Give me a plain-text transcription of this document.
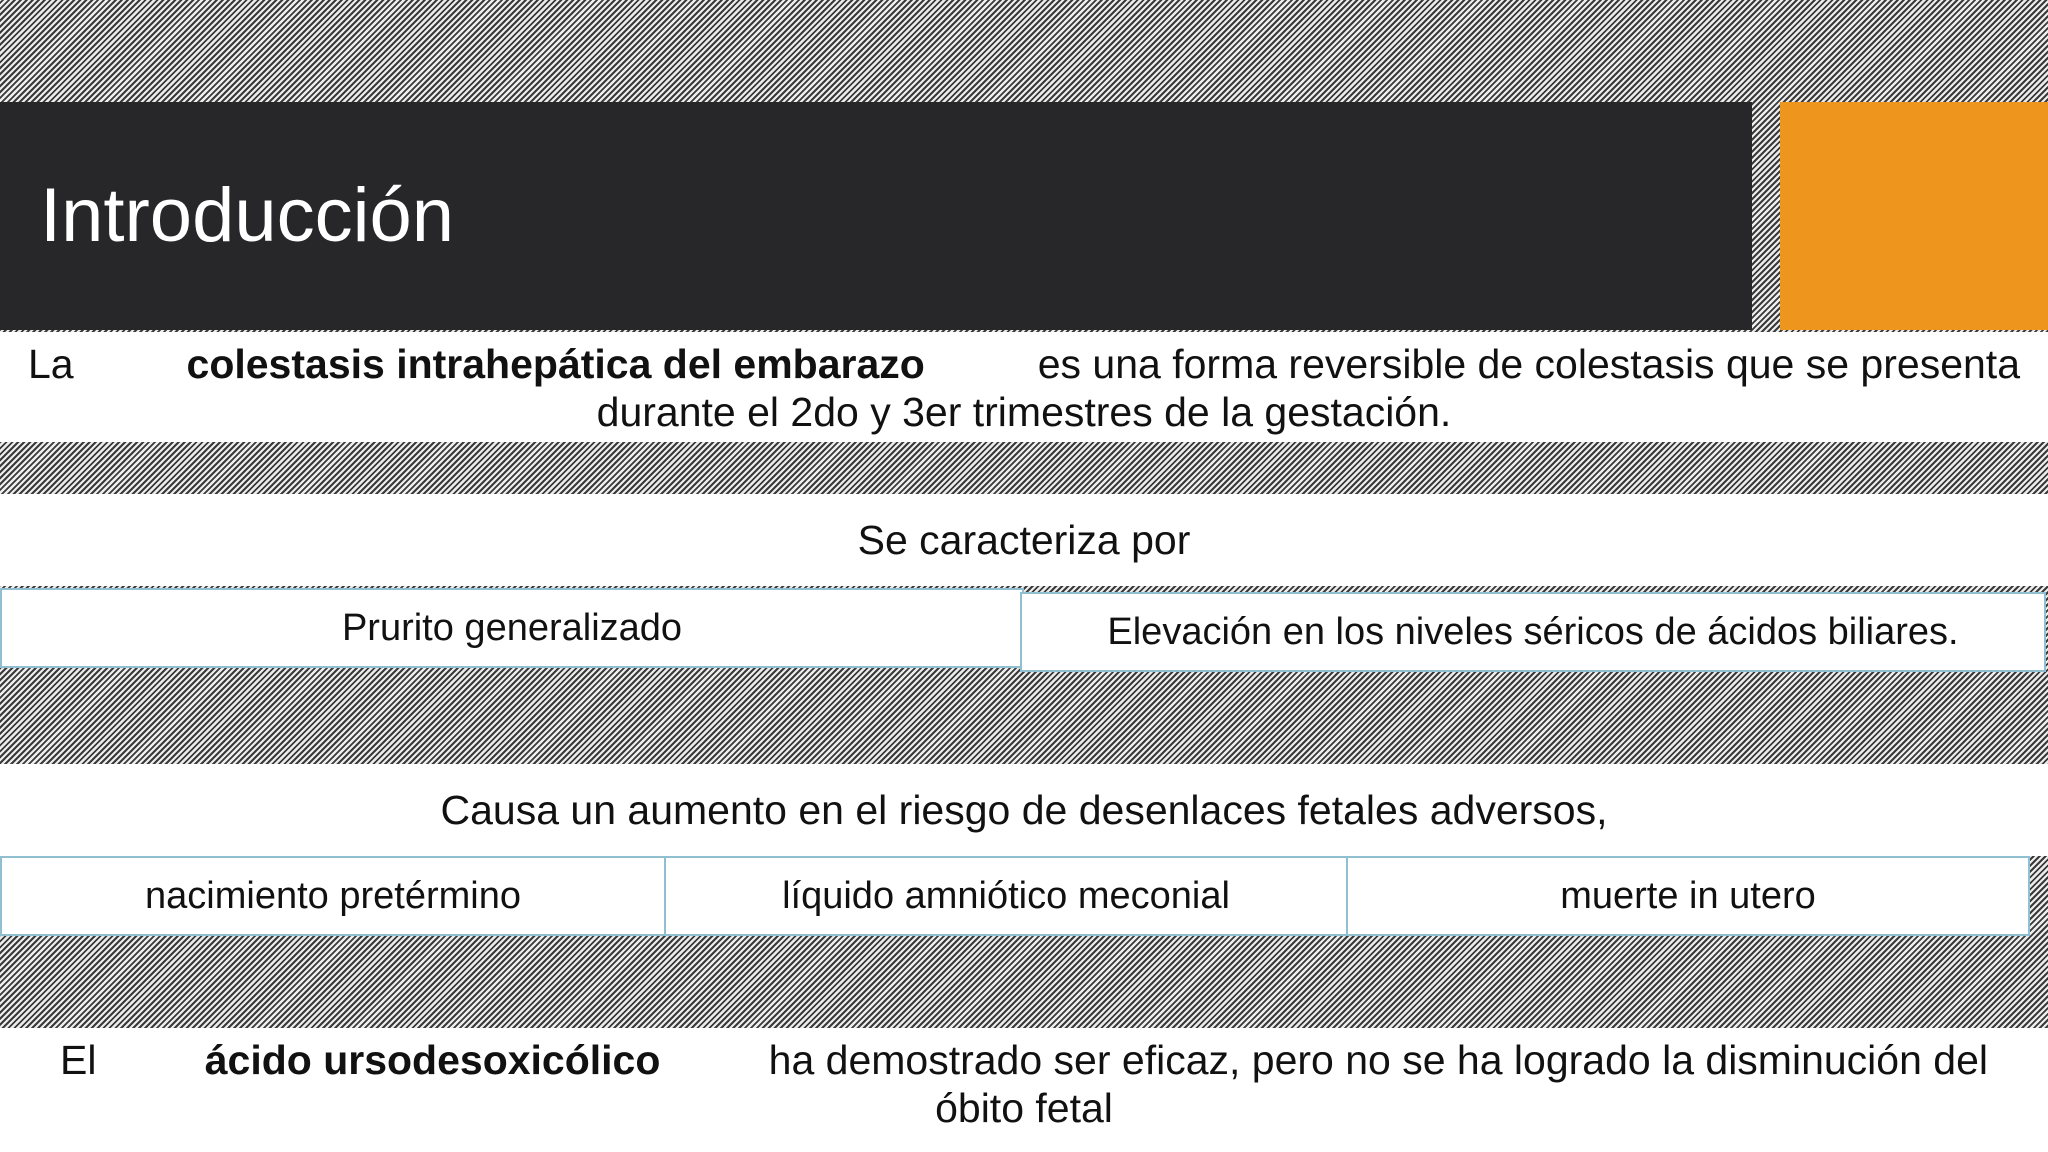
Introducción
La	colestasis intrahepática del embarazo	es una forma reversible de colestasis que se presenta
durante el 2do y 3er trimestres de la gestación.
Se caracteriza por
Prurito generalizado	Elevación en los niveles séricos de ácidos biliares.
Causa un aumento en el riesgo de desenlaces fetales adversos,
nacimiento pretérmino	líquido amniótico meconial	muerte in utero
El	ácido ursodesoxicólico	ha demostrado ser eficaz, pero no se ha logrado la disminución del
óbito fetal
